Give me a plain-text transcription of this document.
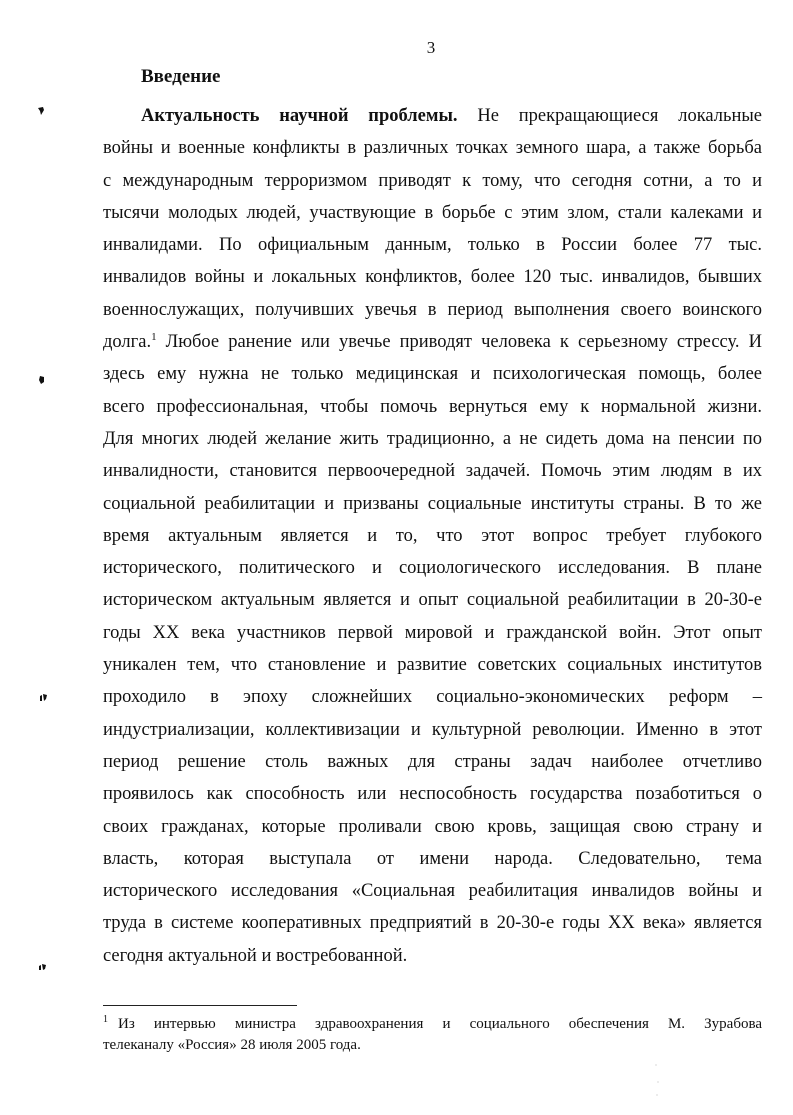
3
Введение
Актуальность научной проблемы. Не прекращающиеся локальные
войны и военные конфликты в различных точках земного шара, а также борьба
с международным терроризмом приводят к тому, что сегодня сотни, а то и
тысячи молодых людей, участвующие в борьбе с этим злом, стали калеками и
инвалидами. По официальным данным, только в России более 77 тыс.
инвалидов войны и локальных конфликтов, более 120 тыс. инвалидов, бывших
военнослужащих, получивших увечья в период выполнения своего воинского
долга.$^1$ Любое ранение или увечье приводят человека к серьезному стрессу. И
здесь ему нужна не только медицинская и психологическая помощь, более
всего профессиональная, чтобы помочь вернуться ему к нормальной жизни.
Для многих людей желание жить традиционно, а не сидеть дома на пенсии по
инвалидности, становится первоочередной задачей. Помочь этим людям в их
социальной реабилитации и призваны социальные институты страны. В то же
время актуальным является и то, что этот вопрос требует глубокого
исторического, политического и социологического исследования. В плане
историческом актуальным является и опыт социальной реабилитации в 20-30-е
годы XX века участников первой мировой и гражданской войн. Этот опыт
уникален тем, что становление и развитие советских социальных институтов
проходило в эпоху сложнейших социально-экономических реформ –
индустриализации, коллективизации и культурной революции. Именно в этот
период решение столь важных для страны задач наиболее отчетливо
проявилось как способность или неспособность государства позаботиться о
своих гражданах, которые проливали свою кровь, защищая свою страну и
власть, которая выступала от имени народа. Следовательно, тема
исторического исследования «Социальная реабилитация инвалидов войны и
труда в системе кооперативных предприятий в 20-30-е годы XX века» является
сегодня актуальной и востребованной.
$^1$ Из интервью министра здравоохранения и социального обеспечения М. Зурабова
телеканалу «Россия» 28 июля 2005 года.
